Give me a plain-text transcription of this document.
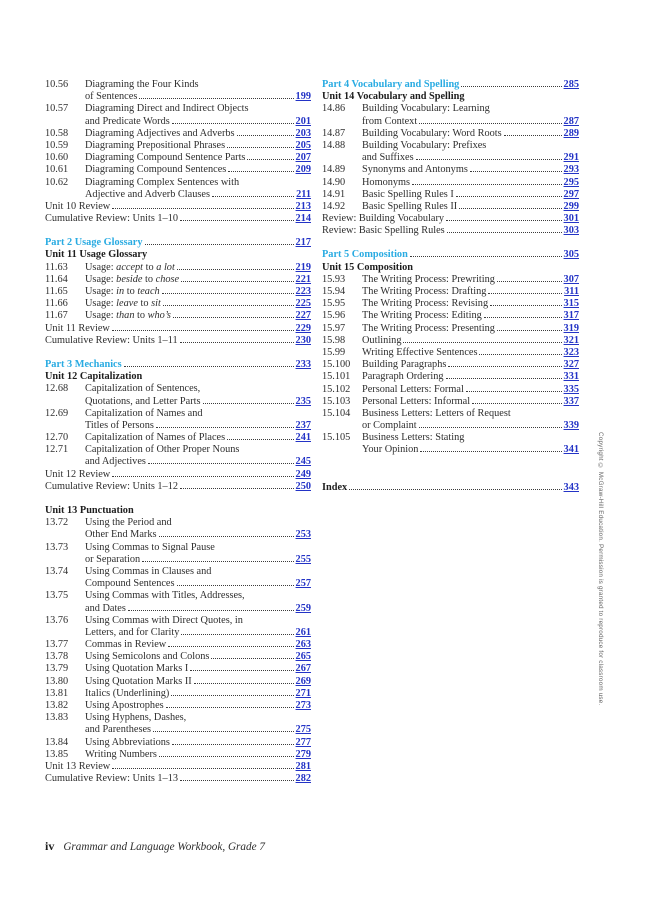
10.56	Diagraming the Four Kinds
of Sentences	199
10.57	Diagraming Direct and Indirect Objects
and Predicate Words	201
10.58	Diagraming Adjectives and Adverbs	203
10.59	Diagraming Prepositional Phrases	205
10.60	Diagraming Compound Sentence Parts	207
10.61	Diagraming Compound Sentences	209
10.62	Diagraming Complex Sentences with
Adjective and Adverb Clauses	211
Unit 10 Review	213
Cumulative Review: Units 1–10	214
Part 2 Usage Glossary	217
Unit 11 Usage Glossary
11.63	Usage: accept to a lot	219
11.64	Usage: beside to chose	221
11.65	Usage: in to teach	223
11.66	Usage: leave to sit	225
11.67	Usage: than to who’s	227
Unit 11 Review	229
Cumulative Review: Units 1–11	230
Part 3 Mechanics	233
Unit 12 Capitalization
12.68	Capitalization of Sentences,
Quotations, and Letter Parts	235
12.69	Capitalization of Names and
Titles of Persons	237
12.70	Capitalization of Names of Places	241
12.71	Capitalization of Other Proper Nouns
and Adjectives	245
Unit 12 Review	249
Cumulative Review: Units 1–12	250
Unit 13 Punctuation
13.72	Using the Period and
Other End Marks	253
13.73	Using Commas to Signal Pause
or Separation	255
13.74	Using Commas in Clauses and
Compound Sentences	257
13.75	Using Commas with Titles, Addresses,
and Dates	259
13.76	Using Commas with Direct Quotes, in
Letters, and for Clarity	261
13.77	Commas in Review	263
13.78	Using Semicolons and Colons	265
13.79	Using Quotation Marks I	267
13.80	Using Quotation Marks II	269
13.81	Italics (Underlining)	271
13.82	Using Apostrophes	273
13.83	Using Hyphens, Dashes,
and Parentheses	275
13.84	Using Abbreviations	277
13.85	Writing Numbers	279
Unit 13 Review	281
Cumulative Review: Units 1–13	282
Part 4 Vocabulary and Spelling	285
Unit 14 Vocabulary and Spelling
14.86	Building Vocabulary: Learning
from Context	287
14.87	Building Vocabulary: Word Roots	289
14.88	Building Vocabulary: Prefixes
and Suffixes	291
14.89	Synonyms and Antonyms	293
14.90	Homonyms	295
14.91	Basic Spelling Rules I	297
14.92	Basic Spelling Rules II	299
Review: Building Vocabulary	301
Review: Basic Spelling Rules	303
Part 5 Composition	305
Unit 15 Composition
15.93	The Writing Process: Prewriting	307
15.94	The Writing Process: Drafting	311
15.95	The Writing Process: Revising	315
15.96	The Writing Process: Editing	317
15.97	The Writing Process: Presenting	319
15.98	Outlining	321
15.99	Writing Effective Sentences	323
15.100	Building Paragraphs	327
15.101	Paragraph Ordering	331
15.102	Personal Letters: Formal	335
15.103	Personal Letters: Informal	337
15.104	Business Letters: Letters of Request
or Complaint	339
15.105	Business Letters: Stating
Your Opinion	341
Index	343	Copyright © McGraw-Hill Education. Permission is granted to reproduce for classroom use.
iv Grammar and Language Workbook, Grade 7
